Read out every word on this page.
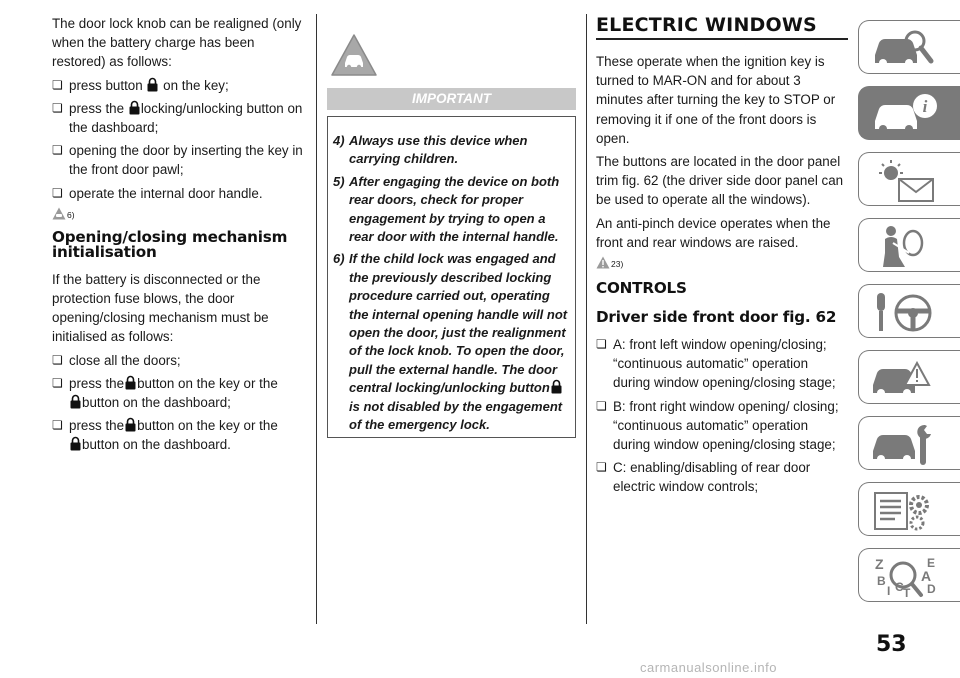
The door lock knob can be realigned (only when the battery charge has been restored) as follows:

❏ press button on the key;
❏ press the locking/unlocking button on the dashboard;
❏ opening the door by inserting the key in the front door pawl;
❏ operate the internal door handle.
6)
Opening/closing mechanism initialisation

If the battery is disconnected or the protection fuse blows, the door opening/closing mechanism must be initialised as follows:

❏ close all the doors;
❏ press the button on the key or the

button on the dashboard;
❏ press the button on the key or the

button on the dashboard.
IMPORTANT
4) Always use this device when carrying children.
5) After engaging the device on both rear doors, check for proper engagement by trying to open a rear door with the internal handle.
6) If the child lock was engaged and the previously described locking procedure carried out, operating the internal opening handle will not open the door, just the realignment of the lock knob. To open the door, pull the external handle. The door central locking/unlocking button
is not disabled by the engagement of the emergency lock.
ELECTRIC WINDOWS

These operate when the ignition key is turned to MAR-ON and for about 3 minutes after turning the key to STOP or removing it if one of the front doors is open.

The buttons are located in the door panel trim fig. 62 (the driver side door panel can be used to operate all the windows).

An anti-pinch device operates when the front and rear windows are raised.

23)
CONTROLS
Driver side front door fig. 62
❏ A: front left window opening/closing; “continuous automatic” operation during window opening/closing stage;
❏ B: front right window opening/ closing; “continuous automatic” operation during window opening/closing stage;
❏ C: enabling/disabling of rear door electric window controls;
i
Z	E
A
B
I C T D
53
carmanualsonline.info
